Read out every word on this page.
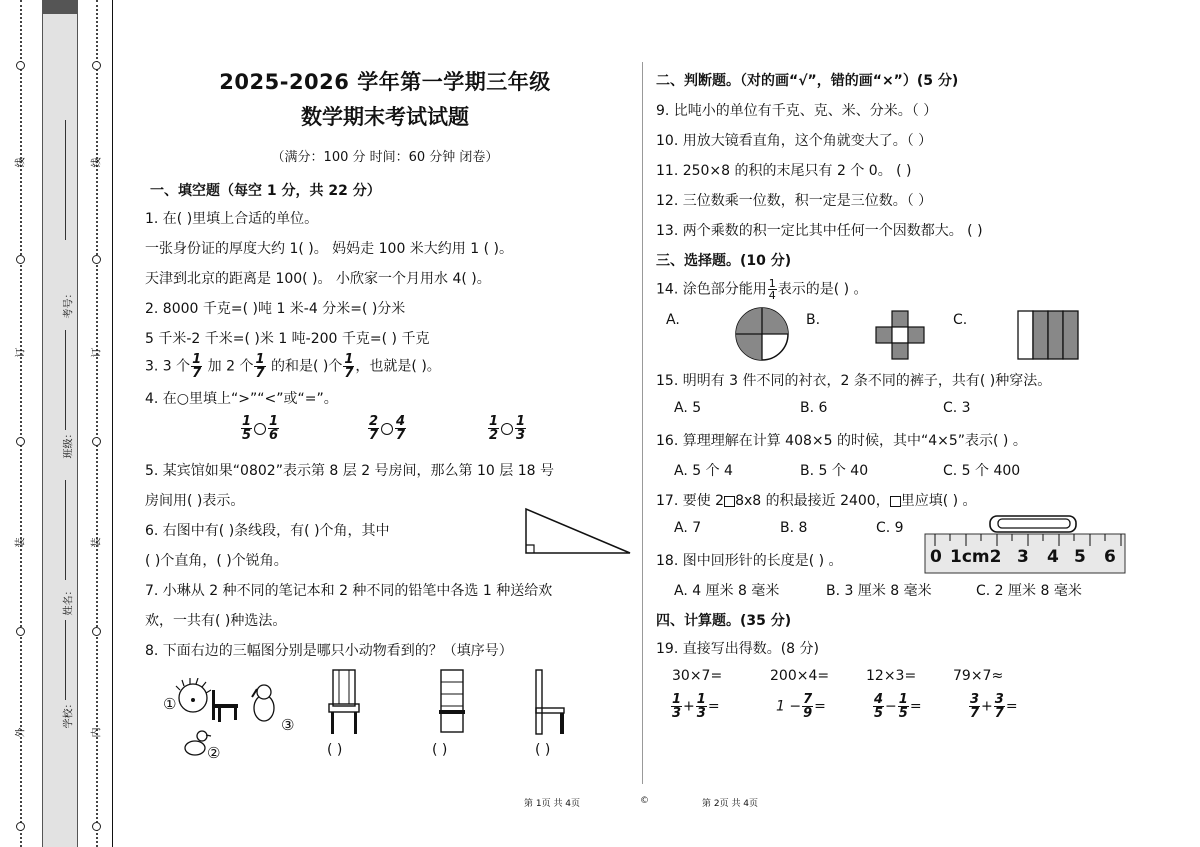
外
考号：
班级：
姓名：
学校：
线
订
装
内
线
订
装
2025-2026 学年第一学期三年级
数学期末考试试题
（满分：100 分 时间：60 分钟 闭卷）
一、填空题（每空 1 分，共 22 分）
1. 在( )里填上合适的单位。
一张身份证的厚度大约 1( )。 妈妈走 100 米大约用 1 ( )。
天津到北京的距离是 100( )。 小欣家一个月用水 4( )。
2. 8000 千克=( )吨 1 米-4 分米=( )分米
5 千米-2 千米=( )米 1 吨-200 千克=( ) 千克
3. 3 个 $\frac{1}{7}$ 加 2 个 $\frac{1}{7}$ 的和是( )个 $\frac{1}{7}$ ，也就是( )。
4. 在○里填上“>”“<”或“=”。
$\frac{1}{5} \frac{1}{6}$	$\frac{2}{7} \frac{4}{7}$	$\frac{1}{2} \frac{1}{3}$
5. 某宾馆如果“0802”表示第 8 层 2 号房间，那么第 10 层 18 号
房间用( )表示。
6. 右图中有( )条线段，有( )个角，其中
( )个直角，( )个锐角。
7. 小琳从 2 种不同的笔记本和 2 种不同的铅笔中各选 1 种送给欢
欢，一共有( )种选法。
8. 下面右边的三幅图分别是哪只小动物看到的？（填序号）
①
②
③
( )	( )	( )
二、判断题。（对的画“√”，错的画“×”）(5 分)
9. 比吨小的单位有千克、克、米、分米。（ ）
10. 用放大镜看直角，这个角就变大了。（ ）
11. 250×8 的积的末尾只有 2 个 0。 ( )
12. 三位数乘一位数，积一定是三位数。（ ）
13. 两个乘数的积一定比其中任何一个因数都大。 ( )
三、选择题。(10 分)
14. 涂色部分能用 $\frac{1}{4}$ 表示的是( ) 。
A.	B.	C.
15. 明明有 3 件不同的衬衣，2 条不同的裤子，共有( )种穿法。
A. 5	B. 6	C. 3
16. 算理理解在计算 408×5 的时候，其中“4×5”表示( ) 。
A. 5 个 4	B. 5 个 40	C. 5 个 400
17. 要使 2 8x8 的积最接近 2400， 里应填( ) 。
A. 7	B. 8	C. 9
0 1cm2 3 4 5 6
18. 图中回形针的长度是( ) 。
A. 4 厘米 8 毫米	B. 3 厘米 8 毫米	C. 2 厘米 8 毫米
四、计算题。(35 分)
19. 直接写出得数。(8 分)
30×7=	200×4=	12×3=	79×7≈
$\frac{1}{3} + \frac{1}{3}$ =	$1 - \frac{7}{9}$ =	$\frac{4}{5} - \frac{1}{5}$ =	$\frac{3}{7} + \frac{3}{7}$ =
第 1页 共 4页	©	第 2页 共 4页
